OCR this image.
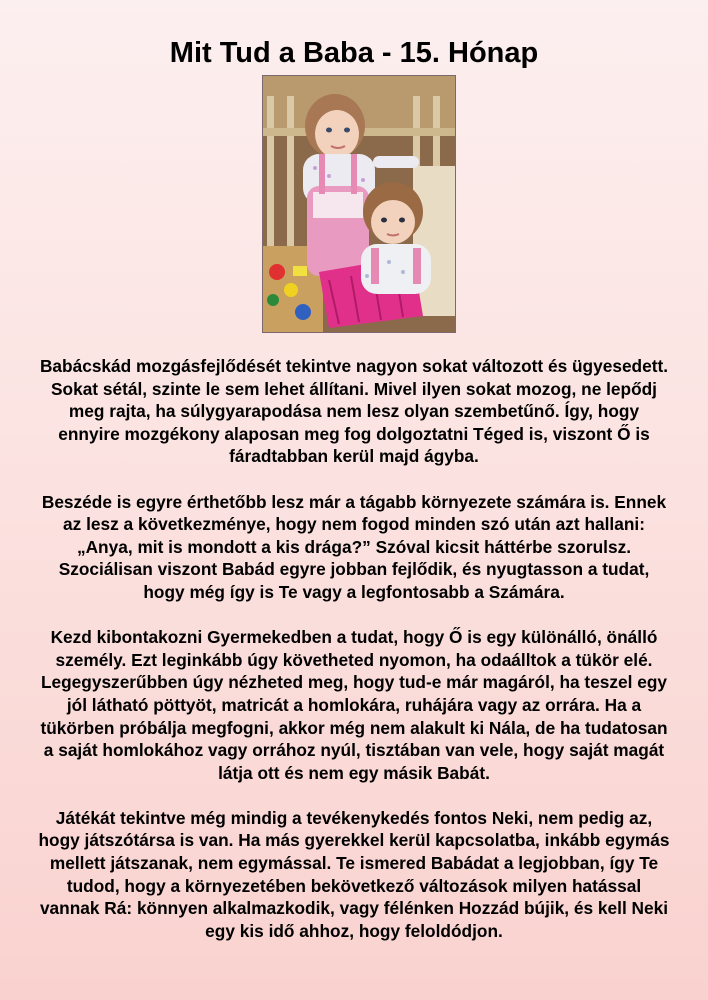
Mit Tud a Baba - 15. Hónap

Babácskád mozgásfejlődését tekintve nagyon sokat változott és ügyesedett. Sokat sétál, szinte le sem lehet állítani. Mivel ilyen sokat mozog, ne lepődj meg rajta, ha súlygyarapodása nem lesz olyan szembetűnő. Így, hogy ennyire mozgékony alaposan meg fog dolgoztatni Téged is, viszont Ő is fáradtabban kerül majd ágyba.

Beszéde is egyre érthetőbb lesz már a tágabb környezete számára is. Ennek az lesz a következménye, hogy nem fogod minden szó után azt hallani: „Anya, mit is mondott a kis drága?” Szóval kicsit háttérbe szorulsz. Szociálisan viszont Babád egyre jobban fejlődik, és nyugtasson a tudat, hogy még így is Te vagy a legfontosabb a Számára.

Kezd kibontakozni Gyermekedben a tudat, hogy Ő is egy különálló, önálló személy. Ezt leginkább úgy követheted nyomon, ha odaálltok a tükör elé. Legegyszerűbben úgy nézheted meg, hogy tud-e már magáról, ha teszel egy jól látható pöttyöt, matricát a homlokára, ruhájára vagy az orrára. Ha a tükörben próbálja megfogni, akkor még nem alakult ki Nála, de ha tudatosan a saját homlokához vagy orrához nyúl, tisztában van vele, hogy saját magát látja ott és nem egy másik Babát.

Játékát tekintve még mindig a tevékenykedés fontos Neki, nem pedig az, hogy játszótársa is van. Ha más gyerekkel kerül kapcsolatba, inkább egymás mellett játszanak, nem egymással. Te ismered Babádat a legjobban, így Te tudod, hogy a környezetében bekövetkező változások milyen hatással vannak Rá: könnyen alkalmazkodik, vagy félénken Hozzád bújik, és kell Neki egy kis idő ahhoz, hogy feloldódjon.
